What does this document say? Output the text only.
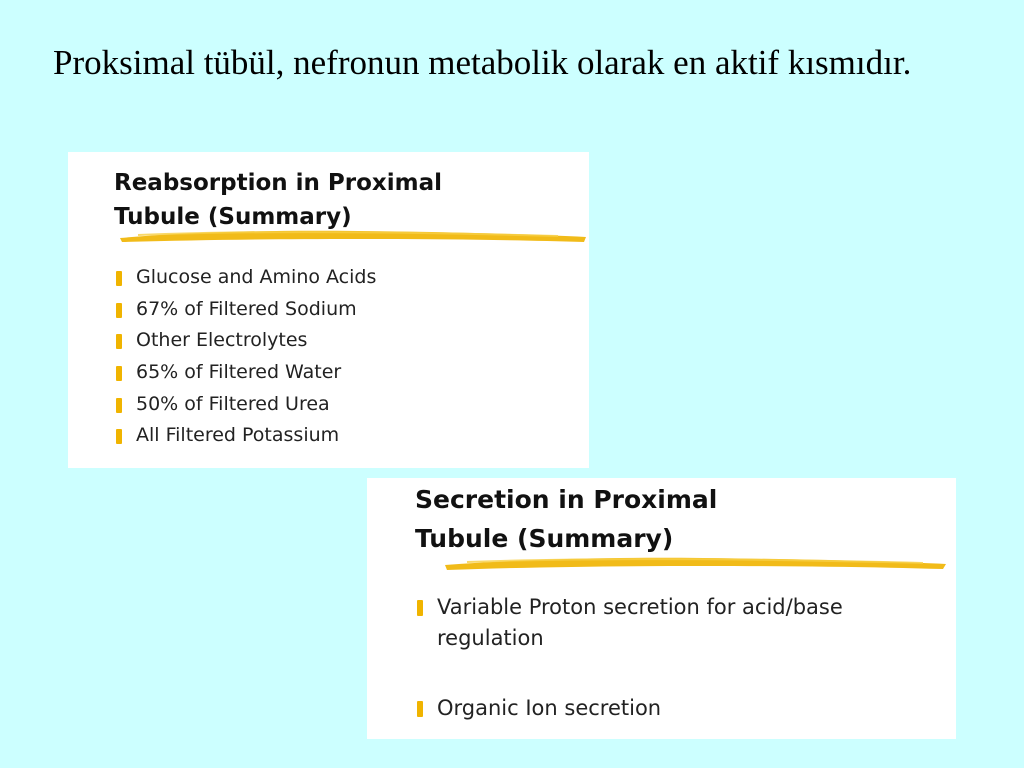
Proksimal tübül, nefronun metabolik olarak en aktif kısmıdır.
Reabsorption in Proximal
Tubule (Summary)
Glucose and Amino Acids
67% of Filtered Sodium
Other Electrolytes
65% of Filtered Water
50% of Filtered Urea
All Filtered Potassium
Secretion in Proximal
Tubule (Summary)
Variable Proton secretion for acid/base regulation
Organic Ion secretion
